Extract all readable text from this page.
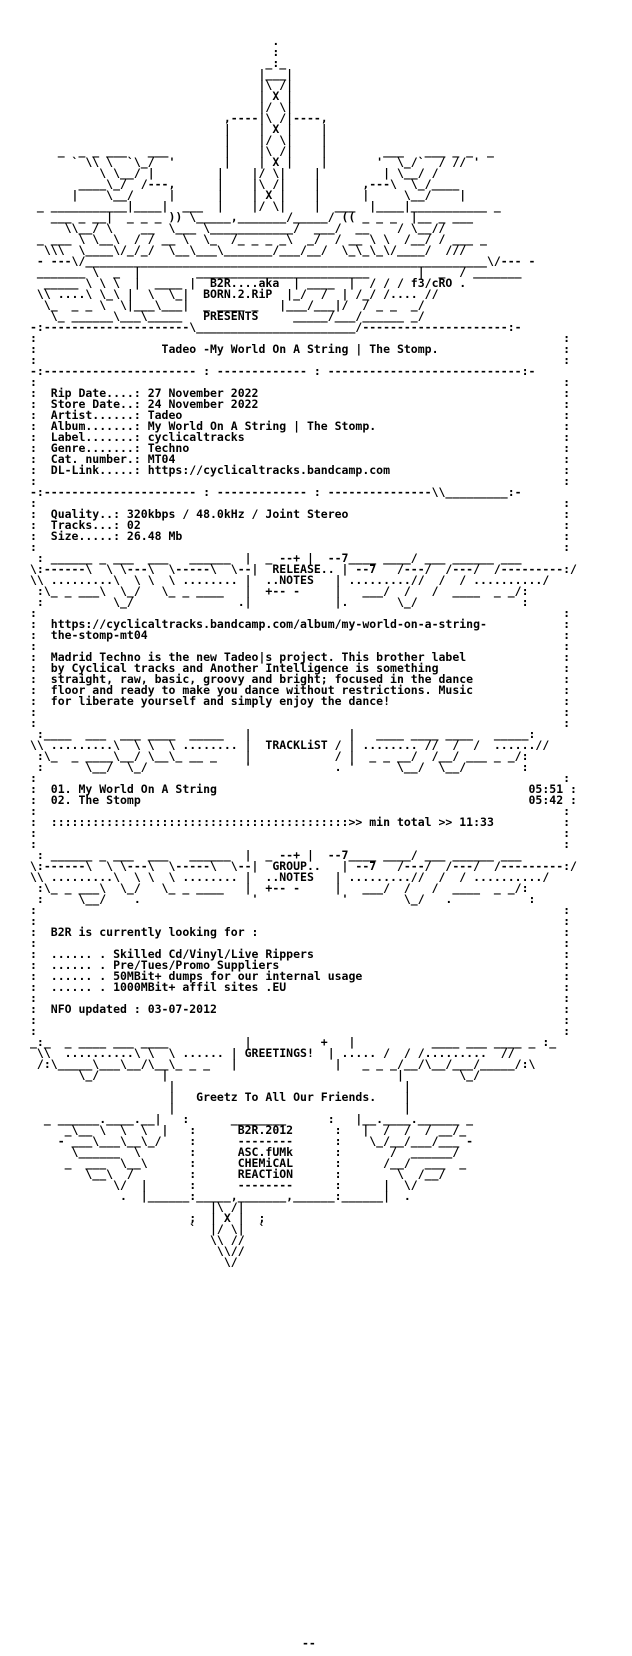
.
:
_:_
|___|
|\ /|
| X |
|/ \|
,----|\ /|----,
|    | X |    |
|    |/ \|    |
_  _ _ ___   ___        |    |\ /|    |        ___   ___ _ _  _
` \\ \  `\_/  '       |    | X |    |       '  \_/`  / // '
\ \__/ |         |    |/ \|    |         | \__/ /
____\_/  /---,      |    |\ /|    |      ,---\  \_/____
|    \__/     |      |    | X |    |      |     \__/    |
_ ___________|____|  ___  |    |/ \|    |  ___  |____|___________ _
___ _ __|  _ _ _ )) \_____,_______/_____/ (( _ _ _  |__ _ ___
\\__/ \    __  \___ \____________/  ___/  __    / \__//
_ ___ \ \__\  / / __ \  \_  /_ _ _ _\  _/  / __ \ \  /__/ / ___ _
\\\  \____\/_/_/  \__\___\_______/___/__/  \_\_\_\/____/  ///
- ---\/__________________________________________________________\/--- -
_______ \  _  |        _________________________       |  _  / _______
_____ \ \ \  |  ____ |  B2R....aka  | ____  |  / / / f3/cRO .
\\ ....\ \_\ |  \  \_|  BORN.2.RiP  |_/  /  | /_/ /.... //
\_  _ _ \  \|___\___|  _ ____ _   |___/___|/  / _ _  _/
\_ ______\___\_____   PRESENTS     _____/___/______ _/
-:---------------------\_______________________/---------------------:-
:                                                                            :
:                  Tadeo -My World On A String | The Stomp.                  :
:                                                                            :
-:---------------------- : ------------- : ----------------------------:-
:                                                                            :
:  Rip Date....: 27 November 2022                                            :
:  Store Date..: 24 November 2022                                            :
:  Artist......: Tadeo                                                       :
:  Album.......: My World On A String | The Stomp.                           :
:  Label.......: cyclicaltracks                                              :
:  Genre.......: Techno                                                      :
:  Cat. number.: MT04                                                        :
:  DL-Link.....: https://cyclicaltracks.bandcamp.com                         :
:                                                                            :
-:---------------------- : ------------- : ---------------\\_________:-
:                                                                            :
:  Quality..: 320kbps / 48.0kHz / Joint Stereo                               :
:  Tracks...: 02                                                             :
:  Size.....: 26.48 Mb                                                       :
:                                                                            :
: ______ _ ___  ___   ______  |  _ --+ |  --7____ ____/ ___ ______ ___
\:------\  \ \---\  \-----\  \--|  RELEASE.. | --7   /---/  /---/  /---------:/
\\ .........\  \ \  \ ........ |  ..NOTES   | .........//  /  / ........../
:\_ _ ___\  \_/   \_ _ ____   |  +-- -     |   ___/  /   /  ____  _ _/:
:          \_/               .|            |.       \_/               :
:                                                                            :
:  https://cyclicaltracks.bandcamp.com/album/my-world-on-a-string-           :
:  the-stomp-mt04                                                            :
:                                                                            :
:  Madrid Techno is the new Tadeo|s project. This brother label              :
:  by Cyclical tracks and Another Intelligence is something                  :
:  straight, raw, basic, groovy and bright; focused in the dance             :
:  floor and ready to make you dance without restrictions. Music             :
:  for liberate yourself and simply enjoy the dance!                         :
:                                                                            :
:                                                                            :
:____  ___  ___ ____  _____   |              |   ____ ____ ____   _____:
\\ .........\  \ \  \ ........ |  TRACKLiST / | ........ //  /  /  ......//
:\_  _ ____\__/ \__\_ __ _    |            / |  _ _ __/  /__/ ___ _ _/:
:      \__/  \_/              '            . '      \__/  \__/        :
:                                                                            :
:  01. My World On A String                                             05:51 :
:  02. The Stomp                                                        05:42 :
:                                                                            :
:  :::::::::::::::::::::::::::::::::::::::::::>> min total >> 11:33          :
:                                                                            :
:                                                                            :
: ______ _ ___  ___   ______  |  _ --+ |  --7____ ____/ ___ ______ ___
\:------\  \ \---\  \-----\  \--|  GROUP..   | --7   /---/  /---/  /---------:/
\\ .........\  \ \  \ ........ |  ..NOTES   | .........//  /  / ........../
:\_ _ ___\  \_/   \_ _ ____   |  +-- -     |   ___/  /   /  ____  _ _/:
:     \__/    .                '            '        \_/   .           :
:                                                                            :
:                                                                            :
:  B2R is currently looking for :                                            :
:                                                                            :
:  ...... . Skilled Cd/Vinyl/Live Rippers                                    :
:  ...... . Pre/Tues/Promo Suppliers                                         :
:  ...... . 50MBit+ dumps for our internal usage                             :
:  ...... . 1000MBit+ affil sites .EU                                        :
:                                                                            :
:  NFO updated : 03-07-2012                                                  :
:                                                                            :
:                                                                            :
_:_  _ ____ ___ ____           |          +   |           ____ ___ ____ _ :_
\\  ..........\ \  \ ...... | GREETINGS!  | ..... /  / /.........  //
/:\_____\___\__/\__\_ _ _   |              |   _ _ _/__/\__/___/_____/:\
\_/         |                                 |        \_/
|                                 |
|   Greetz To All Our Friends.    |
|                                 |
_ ______.____.__|   :      ________      :   |__.____.______ _
_\__ \  \  \  |   :      B2R.2012      :   |  /  /  / __/_
- ___\___\__\_/    :      --------      :    \_/__/___/___ -
\______  \       :      ASC.fUMk      :       /  ______/
_  ___  \__\      :      CHEMiCAL      :      /__/  ___  _
\__\  /        :      REACTiON      :        \  /__/
\/  |      :      --------      :      |  \/
.  |______:_____,_______,______:______|  .
|\ /|
;  | X |  ;
`  |/ \|  `
\\ //
\\//
\/
--
